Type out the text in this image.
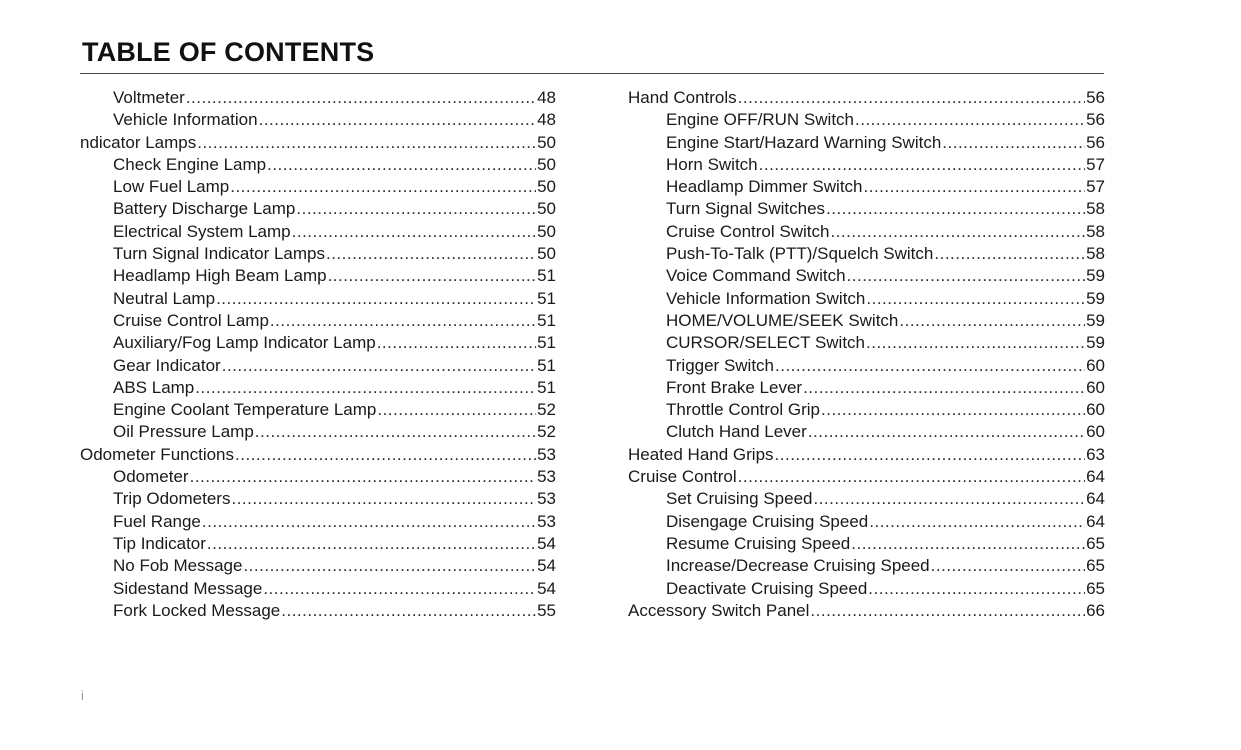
TABLE OF CONTENTS
Voltmeter .....	48
Vehicle Information .....	48
ndicator Lamps .....	50
Check Engine Lamp .....	50
Low Fuel Lamp .....	50
Battery Discharge Lamp .....	50
Electrical System Lamp .....	50
Turn Signal Indicator Lamps .....	50
Headlamp High Beam Lamp .....	51
Neutral Lamp .....	51
Cruise Control Lamp .....	51
Auxiliary/Fog Lamp Indicator Lamp .....	51
Gear Indicator .....	51
ABS Lamp .....	51
Engine Coolant Temperature Lamp .....	52
Oil Pressure Lamp .....	52
Odometer Functions .....	53
Odometer .....	53
Trip Odometers .....	53
Fuel Range .....	53
Tip Indicator .....	54
No Fob Message .....	54
Sidestand Message .....	54
Fork Locked Message .....	55
Hand Controls .....	56
Engine OFF/RUN Switch .....	56
Engine Start/Hazard Warning Switch .....	56
Horn Switch .....	57
Headlamp Dimmer Switch .....	57
Turn Signal Switches .....	58
Cruise Control Switch .....	58
Push-To-Talk (PTT)/Squelch Switch .....	58
Voice Command Switch .....	59
Vehicle Information Switch .....	59
HOME/VOLUME/SEEK Switch .....	59
CURSOR/SELECT Switch .....	59
Trigger Switch .....	60
Front Brake Lever .....	60
Throttle Control Grip .....	60
Clutch Hand Lever .....	60
Heated Hand Grips .....	63
Cruise Control .....	64
Set Cruising Speed .....	64
Disengage Cruising Speed .....	64
Resume Cruising Speed .....	65
Increase/Decrease Cruising Speed .....	65
Deactivate Cruising Speed .....	65
Accessory Switch Panel .....	66
i
